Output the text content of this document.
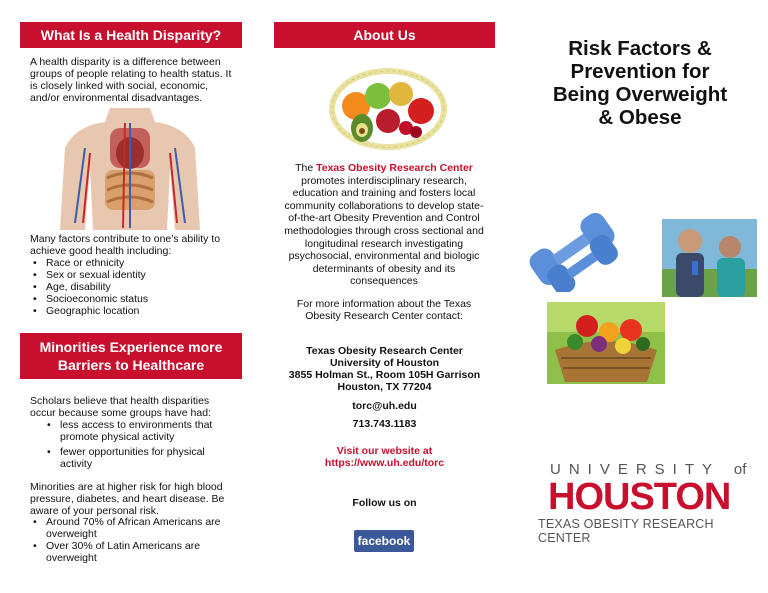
What Is a Health Disparity?
A health disparity is a difference between groups of people relating to health status. It is closely linked with social, economic, and/or environmental disadvantages.
Many factors contribute to one’s ability to achieve good health including:
• Race or ethnicity
• Sex or sexual identity
• Age, disability
• Socioeconomic status
• Geographic location
Minorities Experience more Barriers to Healthcare
Scholars believe that health disparities occur because some groups have had:
• less access to environments that promote physical activity
• fewer opportunities for physical activity
Minorities are at higher risk for high blood pressure, diabetes, and heart disease. Be aware of your personal risk.
• Around 70% of African Americans are overweight
• Over 30% of Latin Americans are overweight
About Us
The Texas Obesity Research Center promotes interdisciplinary research, education and training and fosters local community collaborations to develop state-of-the-art Obesity Prevention and Control methodologies through cross sectional and longitudinal research investigating psychosocial, environmental and biologic determinants of obesity and its consequences
For more information about the Texas Obesity Research Center contact:
Texas Obesity Research Center
University of Houston
3855 Holman St., Room 105H Garrison
Houston, TX 77204
torc@uh.edu
713.743.1183
Visit our website at
https://www.uh.edu/torc
Follow us on
facebook
Risk Factors &
Prevention for
Being Overweight
& Obese
UNIVERSITY of
HOUSTON
TEXAS OBESITY RESEARCH CENTER
